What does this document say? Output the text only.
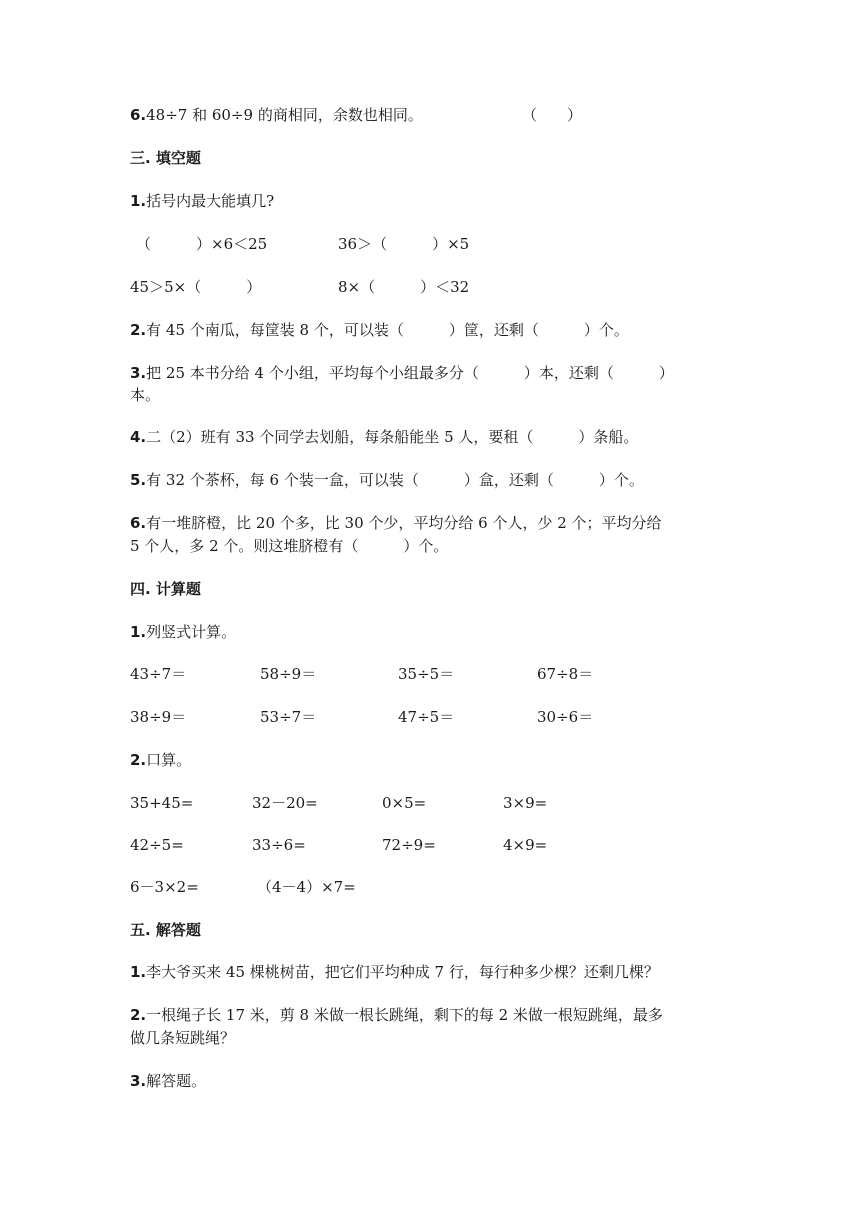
6.48÷7 和 60÷9 的商相同，余数也相同。	（　　）
三. 填空题
1.括号内最大能填几?
（　　　）×6＜25	36＞（　　　）×5
45＞5×（　　　）	8×（　　　）＜32
2.有 45 个南瓜，每筐装 8 个，可以装（　　　）筐，还剩（　　　）个。
3.把 25 本书分给 4 个小组，平均每个小组最多分（　　　）本，还剩（　　　）
本。
4.二（2）班有 33 个同学去划船，每条船能坐 5 人，要租（　　　）条船。
5.有 32 个茶杯，每 6 个装一盒，可以装（　　　）盒，还剩（　　　）个。
6.有一堆脐橙，比 20 个多，比 30 个少，平均分给 6 个人，少 2 个；平均分给
5 个人，多 2 个。则这堆脐橙有（　　　）个。
四. 计算题
1.列竖式计算。
43÷7＝	58÷9＝	35÷5＝	67÷8＝
38÷9＝	53÷7＝	47÷5＝	30÷6＝
2.口算。
35+45=	32－20=	0×5=	3×9=
42÷5=	33÷6=	72÷9=	4×9=
6－3×2=	（4－4）×7=
五. 解答题
1.李大爷买来 45 棵桃树苗，把它们平均种成 7 行，每行种多少棵？还剩几棵？
2.一根绳子长 17 米，剪 8 米做一根长跳绳，剩下的每 2 米做一根短跳绳，最多
做几条短跳绳？
3.解答题。
